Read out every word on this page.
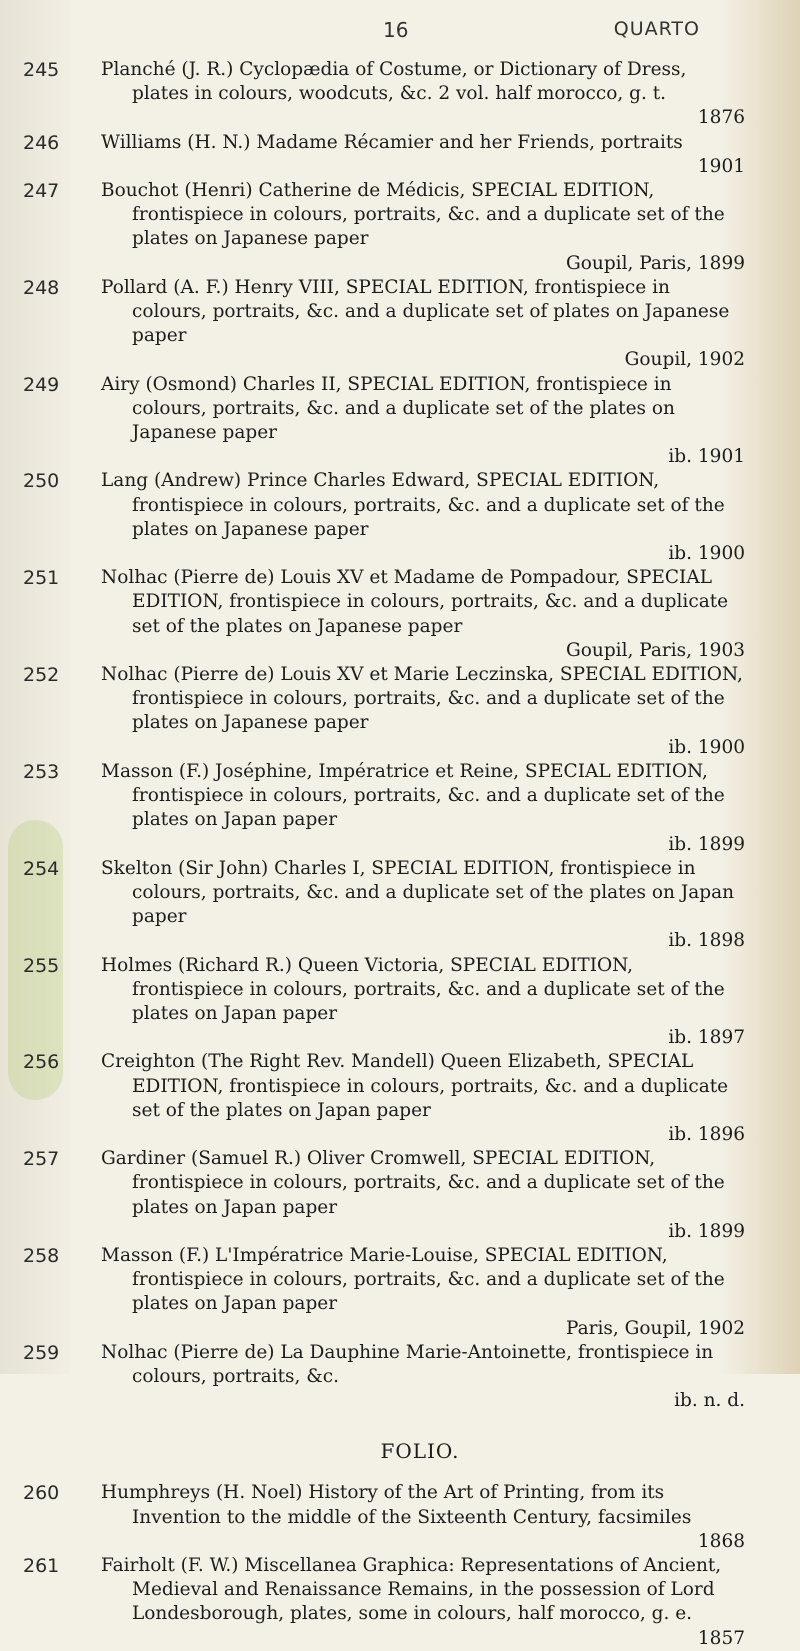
16	QUARTO
245 Planché (J. R.) Cyclopædia of Costume, or Dictionary of Dress, plates in colours, woodcuts, &c. 2 vol. half morocco, g. t.
1876
246 Williams (H. N.) Madame Récamier and her Friends, portraits
1901
247 Bouchot (Henri) Catherine de Médicis, SPECIAL EDITION, frontispiece in colours, portraits, &c. and a duplicate set of the plates on Japanese paper
Goupil, Paris, 1899
248 Pollard (A. F.) Henry VIII, SPECIAL EDITION, frontispiece in colours, portraits, &c. and a duplicate set of plates on Japanese paper
Goupil, 1902
249 Airy (Osmond) Charles II, SPECIAL EDITION, frontispiece in colours, portraits, &c. and a duplicate set of the plates on Japanese paper
ib. 1901
250 Lang (Andrew) Prince Charles Edward, SPECIAL EDITION, frontispiece in colours, portraits, &c. and a duplicate set of the plates on Japanese paper
ib. 1900
251 Nolhac (Pierre de) Louis XV et Madame de Pompadour, SPECIAL EDITION, frontispiece in colours, portraits, &c. and a duplicate set of the plates on Japanese paper
Goupil, Paris, 1903
252 Nolhac (Pierre de) Louis XV et Marie Leczinska, SPECIAL EDITION, frontispiece in colours, portraits, &c. and a duplicate set of the plates on Japanese paper
ib. 1900
253 Masson (F.) Joséphine, Impératrice et Reine, SPECIAL EDITION, frontispiece in colours, portraits, &c. and a duplicate set of the plates on Japan paper
ib. 1899
254 Skelton (Sir John) Charles I, SPECIAL EDITION, frontispiece in colours, portraits, &c. and a duplicate set of the plates on Japan paper
ib. 1898
255 Holmes (Richard R.) Queen Victoria, SPECIAL EDITION, frontispiece in colours, portraits, &c. and a duplicate set of the plates on Japan paper
ib. 1897
256 Creighton (The Right Rev. Mandell) Queen Elizabeth, SPECIAL EDITION, frontispiece in colours, portraits, &c. and a duplicate set of the plates on Japan paper
ib. 1896
257 Gardiner (Samuel R.) Oliver Cromwell, SPECIAL EDITION, frontispiece in colours, portraits, &c. and a duplicate set of the plates on Japan paper
ib. 1899
258 Masson (F.) L'Impératrice Marie-Louise, SPECIAL EDITION, frontispiece in colours, portraits, &c. and a duplicate set of the plates on Japan paper
Paris, Goupil, 1902
259 Nolhac (Pierre de) La Dauphine Marie-Antoinette, frontispiece in colours, portraits, &c.
ib. n. d.
FOLIO.
260 Humphreys (H. Noel) History of the Art of Printing, from its Invention to the middle of the Sixteenth Century, facsimiles
1868
261 Fairholt (F. W.) Miscellanea Graphica: Representations of Ancient, Medieval and Renaissance Remains, in the possession of Lord Londesborough, plates, some in colours, half morocco, g. e.
1857
